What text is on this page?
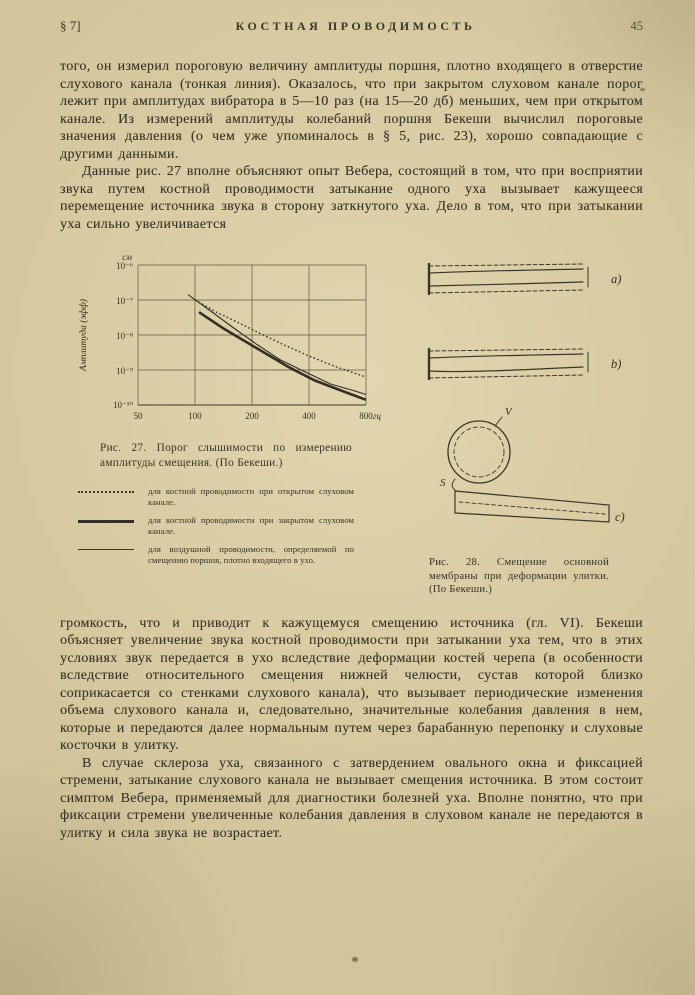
§ 7]	КОСТНАЯ ПРОВОДИМОСТЬ	45

того, он измерил пороговую величину амплитуды поршня, плотно входящего в отверстие слухового канала (тонкая линия). Оказалось, что при закрытом слуховом канале порог лежит при амплитудах вибратора в 5—10 раз (на 15—20 дб) меньших, чем при открытом канале. Из измерений амплитуды колебаний поршня Бекеши вычислил пороговые значения давления (о чем уже упоминалось в § 5, рис. 23), хорошо совпадающие с другими данными.

Данные рис. 27 вполне объясняют опыт Вебера, состоящий в том, что при восприятии звука путем костной проводимости затыкание одного уха вызывает кажущееся перемещение источника звука в сторону заткнутого уха. Дело в том, что при затыкании уха сильно увеличивается

см
10⁻⁶
10⁻⁷
10⁻⁸
10⁻⁹
10⁻¹⁰
50	100	200	400	800 гц
Амплитуда (эфф)

Рис. 27. Порог слышимости по измерению амплитуды смещения. (По Бекеши.)

для костной проводимости при открытом слуховом канале.
для костной проводимости при закрытом слуховом канале.
для воздушной проводимости, определяемой по смещению поршня, плотно входящего в ухо.
a)
b)
V
S
c)

Рис. 28. Смещение основной мембраны при деформации улитки. (По Бекеши.)

громкость, что и приводит к кажущемуся смещению источника (гл. VI). Бекеши объясняет увеличение звука костной проводимости при затыкании уха тем, что в этих условиях звук передается в ухо вследствие деформации костей черепа (в особенности вследствие относительного смещения нижней челюсти, сустав которой близко соприкасается со стенками слухового канала), что вызывает периодические изменения объема слухового канала и, следовательно, значительные колебания давления в нем, которые и передаются далее нормальным путем через барабанную перепонку и слуховые косточки в улитку.

В случае склероза уха, связанного с затвердением овального окна и фиксацией стремени, затыкание слухового канала не вызывает смещения источника. В этом состоит симптом Вебера, применяемый для диагностики болезней уха. Вполне понятно, что при фиксации стремени увеличенные колебания давления в слуховом канале не передаются в улитку и сила звука не возрастает.
